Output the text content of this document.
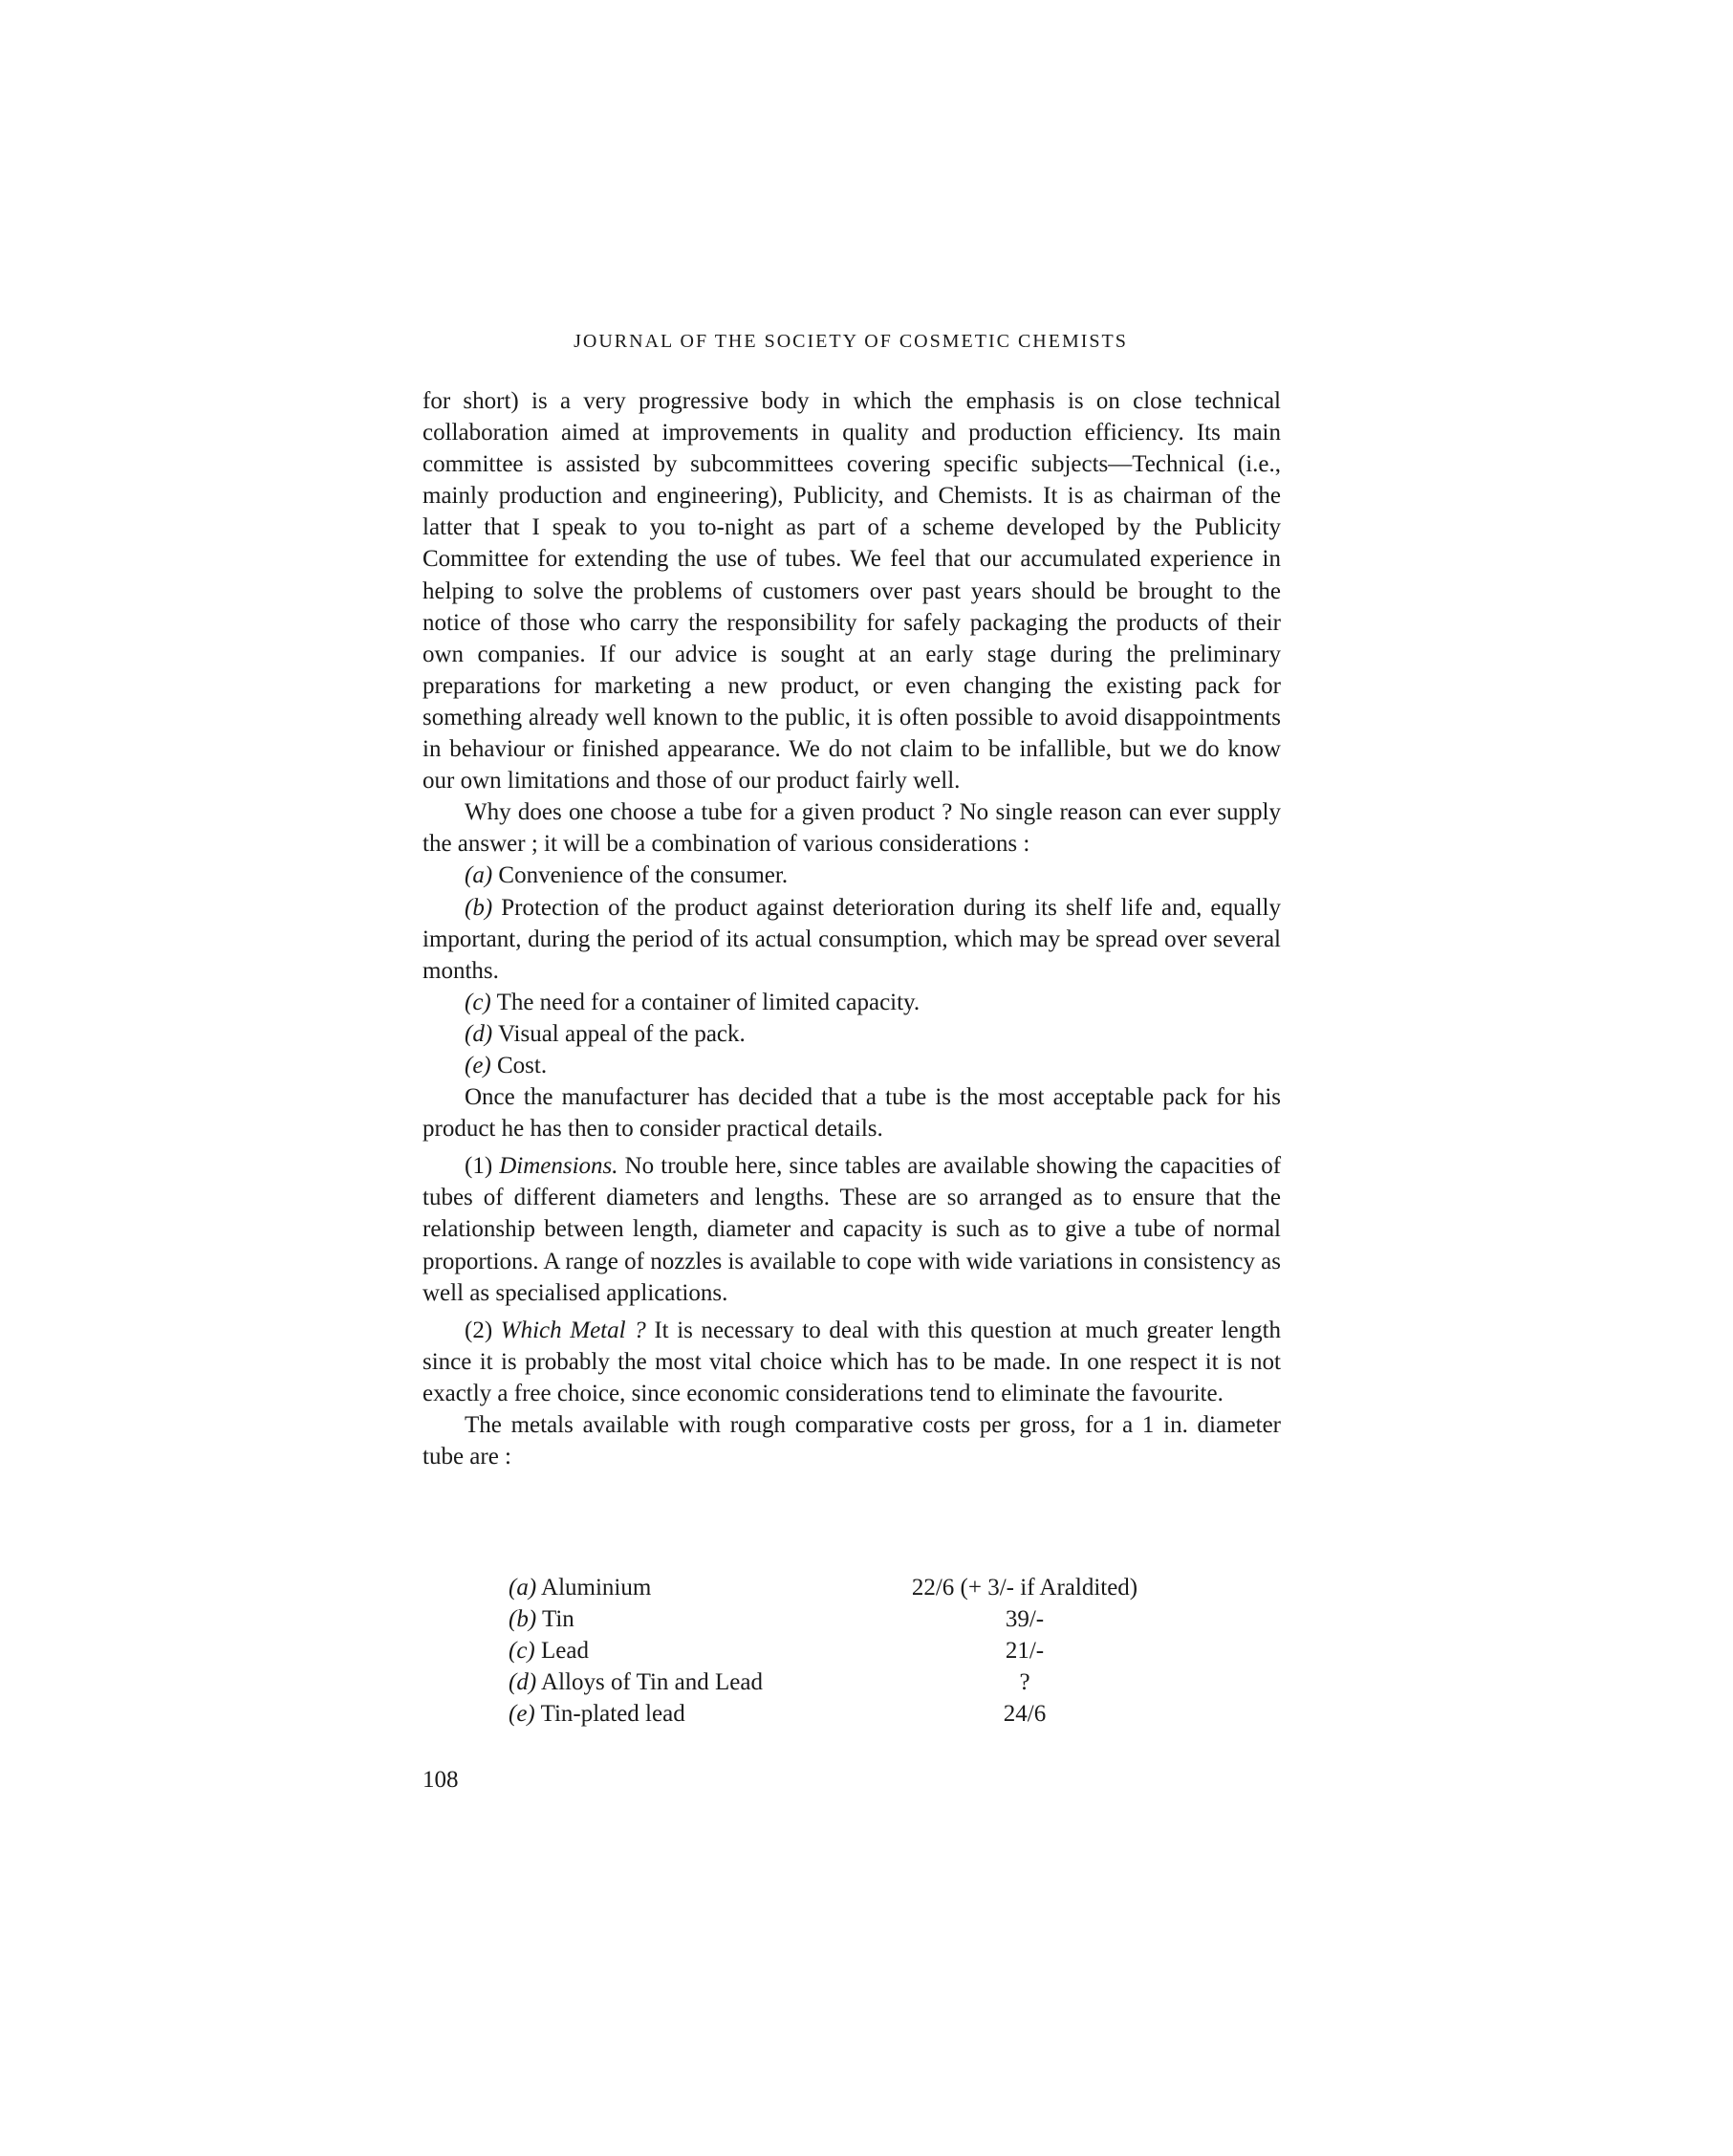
JOURNAL OF THE SOCIETY OF COSMETIC CHEMISTS

for short) is a very progressive body in which the emphasis is on close technical collaboration aimed at improvements in quality and production efficiency. Its main committee is assisted by subcommittees covering specific subjects—Technical (i.e., mainly production and engineering), Publicity, and Chemists. It is as chairman of the latter that I speak to you to-night as part of a scheme developed by the Publicity Committee for extending the use of tubes. We feel that our accumulated experience in helping to solve the problems of customers over past years should be brought to the notice of those who carry the responsibility for safely packaging the products of their own companies. If our advice is sought at an early stage during the preliminary preparations for marketing a new product, or even changing the existing pack for something already well known to the public, it is often possible to avoid disappointments in behaviour or finished appearance. We do not claim to be infallible, but we do know our own limitations and those of our product fairly well.

Why does one choose a tube for a given product ? No single reason can ever supply the answer ; it will be a combination of various considerations :

(a) Convenience of the consumer.

(b) Protection of the product against deterioration during its shelf life and, equally important, during the period of its actual consumption, which may be spread over several months.

(c) The need for a container of limited capacity.

(d) Visual appeal of the pack.

(e) Cost.

Once the manufacturer has decided that a tube is the most acceptable pack for his product he has then to consider practical details.

(1) Dimensions. No trouble here, since tables are available showing the capacities of tubes of different diameters and lengths. These are so arranged as to ensure that the relationship between length, diameter and capacity is such as to give a tube of normal proportions. A range of nozzles is available to cope with wide variations in consistency as well as specialised applications.

(2) Which Metal ? It is necessary to deal with this question at much greater length since it is probably the most vital choice which has to be made. In one respect it is not exactly a free choice, since economic considerations tend to eliminate the favourite.

The metals available with rough comparative costs per gross, for a 1 in. diameter tube are :

(a) Aluminium	22/6 (+ 3/- if Araldited)
(b) Tin	39/-
(c) Lead	21/-
(d) Alloys of Tin and Lead	?
(e) Tin-plated lead	24/6
108
